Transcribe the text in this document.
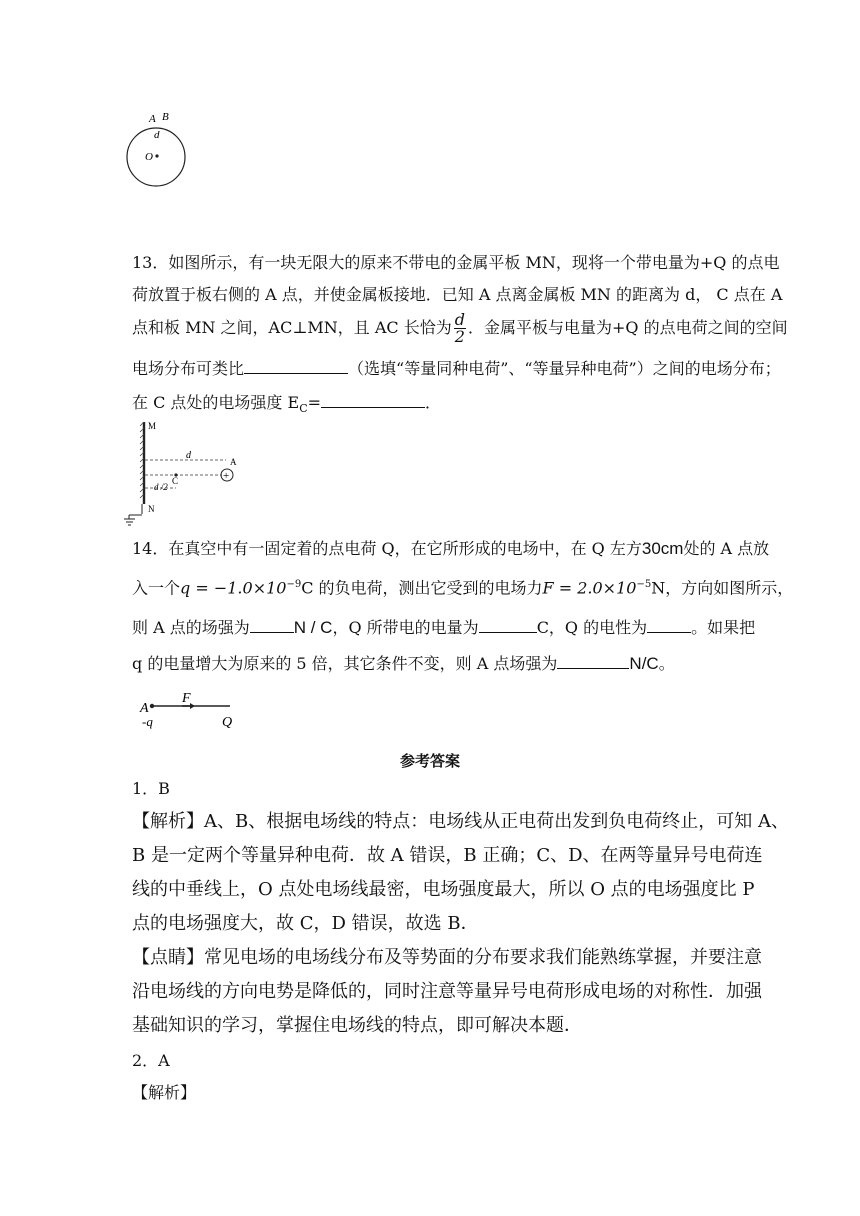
A B
d
O
13．如图所示，有一块无限大的原来不带电的金属平板 MN，现将一个带电量为+Q 的点电
荷放置于板右侧的 A 点，并使金属板接地．已知 A 点离金属板 MN 的距离为 d， C 点在 A
点和板 MN 之间，AC⊥MN，且 AC 长恰为 $\frac{d}{2}$ ．金属平板与电量为+Q 的点电荷之间的空间
电场分布可类比	（选填“等量同种电荷”、“等量异种电荷”）之间的电场分布；
在 C 点处的电场强度 $E_C=$	．
M
N
d
C
d /2
+
A
14．在真空中有一固定着的点电荷 Q，在它所形成的电场中，在 Q 左方30cm处的 A 点放
入一个$q = -1.0\times 10^{-9}C$ 的负电荷，测出它受到的电场力$F = 2.0\times 10^{-5}N$，方向如图所示，
则 A 点的场强为	N / C，Q 所带电的电量为	C，Q 的电性为	。如果把
q 的电量增大为原来的 5 倍，其它条件不变，则 A 点场强为	N/C。
A
-q
F
Q
参考答案
1．B
【解析】A、B、根据电场线的特点：电场线从正电荷出发到负电荷终止，可知 A、
B 是一定两个等量异种电荷．故 A 错误，B 正确；C、D、在两等量异号电荷连
线的中垂线上，O 点处电场线最密，电场强度最大，所以 O 点的电场强度比 P
点的电场强度大，故 C，D 错误，故选 B．
【点睛】常见电场的电场线分布及等势面的分布要求我们能熟练掌握，并要注意
沿电场线的方向电势是降低的，同时注意等量异号电荷形成电场的对称性．加强
基础知识的学习，掌握住电场线的特点，即可解决本题．
2．A
【解析】
